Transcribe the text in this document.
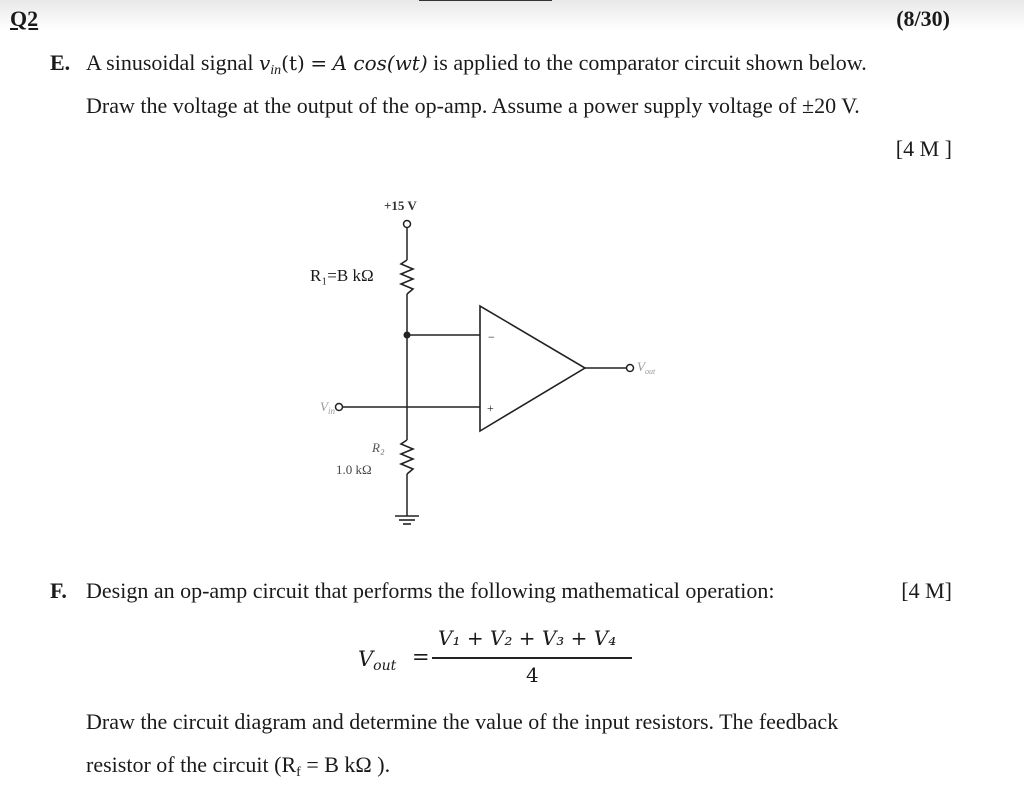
Q2	(8/30)
E. A sinusoidal signal $v_{in}(t) = A$ cos(wt) is applied to the comparator circuit shown below.
Draw the voltage at the output of the op-amp. Assume a power supply voltage of ±20 V.
[4 M ]
+15 V
R₁=B kΩ
$V_{in}$
−
+
$V_{out}$
R₂
1.0 kΩ
F. Design an op-amp circuit that performs the following mathematical operation:	[4 M]
$V_{out}$ =
V₁ + V₂ + V₃ + V₄
4
Draw the circuit diagram and determine the value of the input resistors. The feedback
resistor of the circuit (Rf = B kΩ ).
